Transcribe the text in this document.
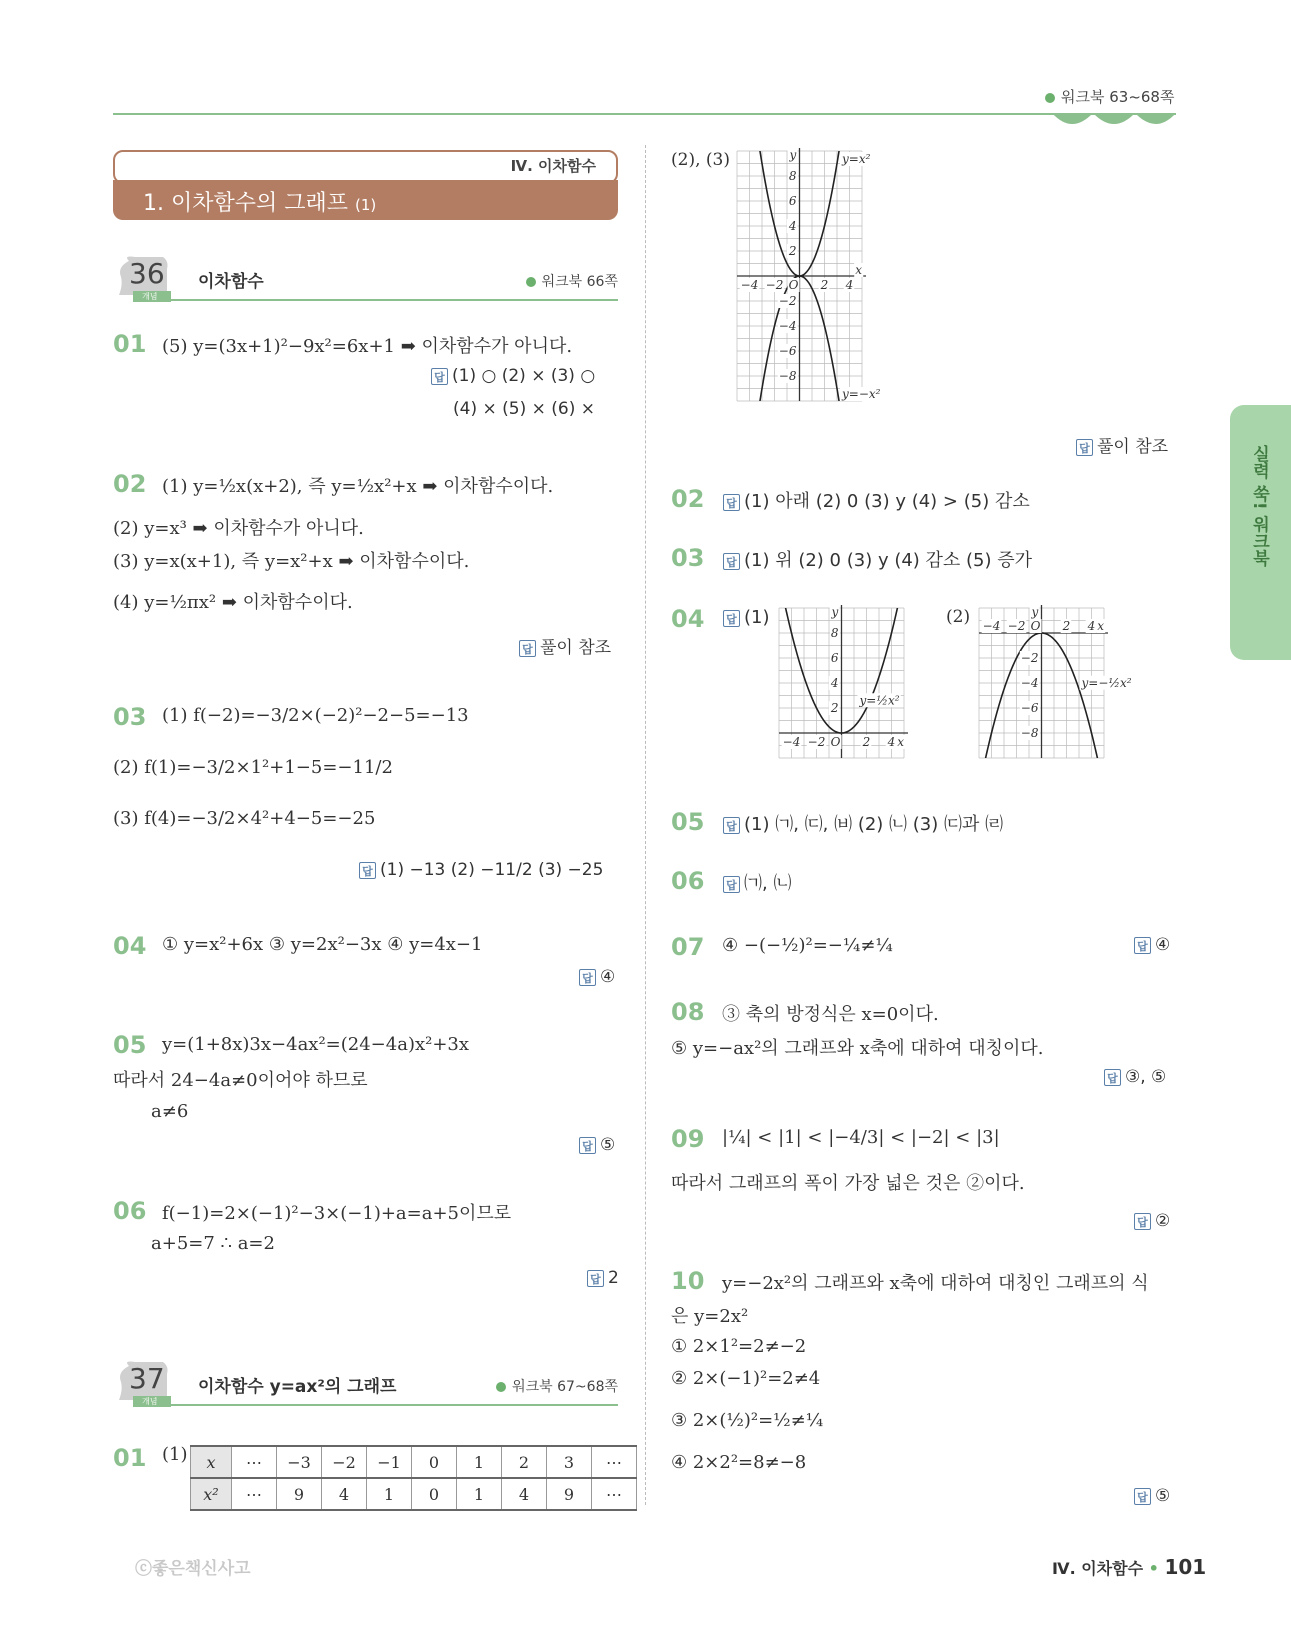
워크북 63~68쪽
Ⅳ. 이차함수
1. 이차함수의 그래프 (1)
36
개념
이차함수	워크북 66쪽
01 (5) y=(3x+1)²−9x²=6x+1 ➡ 이차함수가 아니다.
답 (1) ○ (2) × (3) ○
(4) × (5) × (6) ×
02 (1) y=½x(x+2), 즉 y=½x²+x ➡ 이차함수이다.
(2) y=x³ ➡ 이차함수가 아니다.
(3) y=x(x+1), 즉 y=x²+x ➡ 이차함수이다.
(4) y=½πx² ➡ 이차함수이다.
답 풀이 참조
03 (1) f(−2)=−3/2×(−2)²−2−5=−13
(2) f(1)=−3/2×1²+1−5=−11/2
(3) f(4)=−3/2×4²+4−5=−25
답 (1) −13 (2) −11/2 (3) −25
04 ① y=x²+6x ③ y=2x²−3x ④ y=4x−1
답 ④
05 y=(1+8x)3x−4ax²=(24−4a)x²+3x
따라서 24−4a≠0이어야 하므로
a≠6
답 ⑤
06 f(−1)=2×(−1)²−3×(−1)+a=a+5이므로
a+5=7 ∴ a=2
답 2
37
개념
이차함수 y=ax²의 그래프	워크북 67~68쪽
01 (1) x	⋯	−3	−2	−1	0	1	2	3	⋯
x²	⋯	9	4	1	0	1	4	9	⋯
(2), (3)
8
6
4
2
−2
−4
−6
−8
−4 −2 O 2 4
x
y	y=x²
y=−x²
답 풀이 참조
02 답 (1) 아래 (2) 0 (3) y (4) > (5) 감소
03 답 (1) 위 (2) 0 (3) y (4) 감소 (5) 증가
04 답 (1)
8
6
4
2
−4 −2 O 2 4 x
y
y=½x²
(2)
−2
−4
−6
−8
−4 −2 O 2 4 x
y
y=−½x²
05 답 (1) ㈀, ㈂, ㈅ (2) ㈁ (3) ㈂과 ㈃
06 답 ㈀, ㈁
07 ④ −(−½)²=−¼≠¼	답 ④
08 ③ 축의 방정식은 x=0이다.
⑤ y=−ax²의 그래프와 x축에 대하여 대칭이다.
답 ③, ⑤
09 |¼| < |1| < |−4/3| < |−2| < |3|
따라서 그래프의 폭이 가장 넓은 것은 ②이다.
답 ②
10 y=−2x²의 그래프와 x축에 대하여 대칭인 그래프의 식
은 y=2x²
① 2×1²=2≠−2
② 2×(−1)²=2≠4
③ 2×(½)²=½≠¼
④ 2×2²=8≠−8
답 ⑤
실력 쑥! 워크북
ⓒ좋은책신사고	Ⅳ. 이차함수 • 101
